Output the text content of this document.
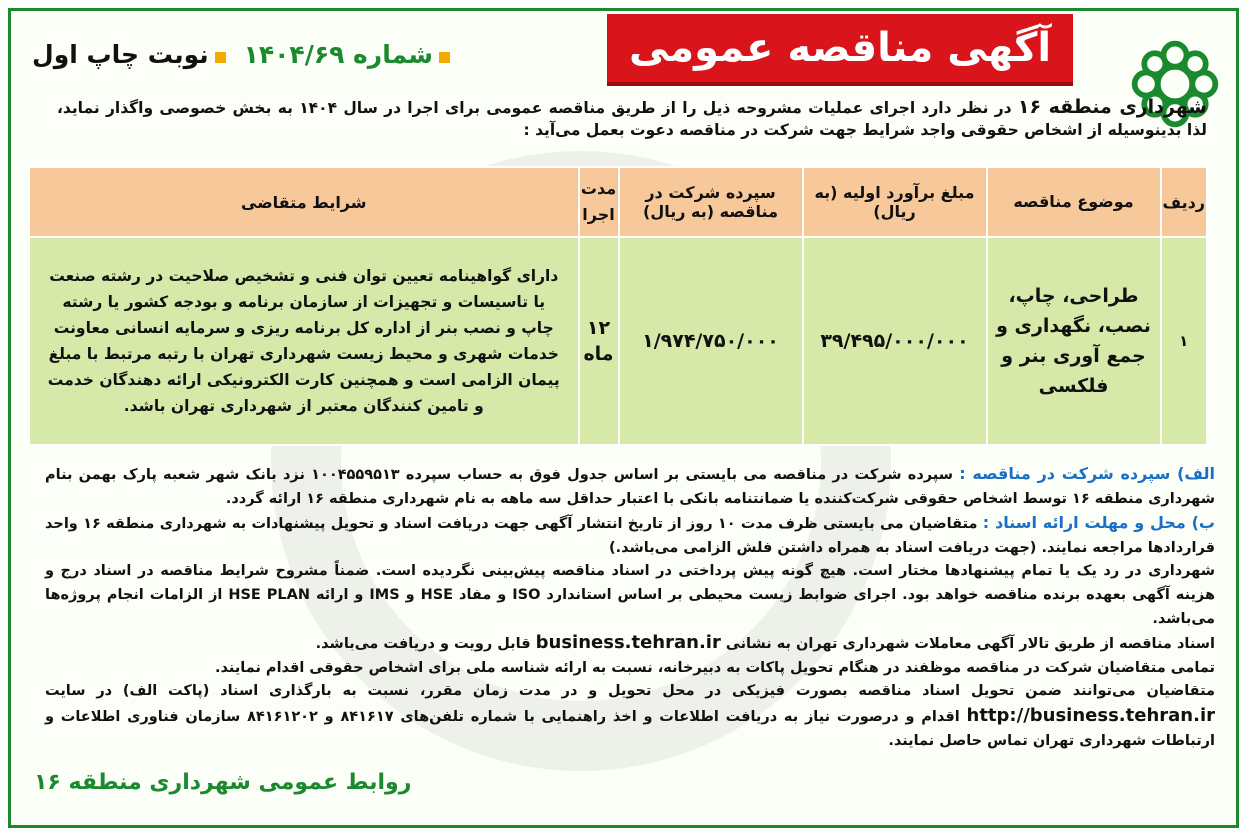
آگهی مناقصه عمومی
شماره ۱۴۰۴/۶۹
نوبت چاپ اول
شهرداری منطقه ۱۶ در نظر دارد اجرای عملیات مشروحه ذیل را از طریق مناقصه عمومی برای اجرا در سال ۱۴۰۴ به بخش خصوصی واگذار نماید، لذا بدینوسیله از اشخاص حقوقی واجد شرایط جهت شرکت در مناقصه دعوت بعمل می‌آید :
ردیف	موضوع مناقصه	مبلغ برآورد اولیه (به ریال)	سپرده شرکت در مناقصه (به ریال)	مدت اجرا	شرایط متقاضی
۱	طراحی، چاپ، نصب، نگهداری و جمع آوری بنر و فلکسی	۳۹/۴۹۵/۰۰۰/۰۰۰	۱/۹۷۴/۷۵۰/۰۰۰	۱۲ ماه	دارای گواهینامه تعیین توان فنی و تشخیص صلاحیت در رشته صنعت یا تاسیسات و تجهیزات از سازمان برنامه و بودجه کشور یا رشته چاپ و نصب بنر از اداره کل برنامه ریزی و سرمایه انسانی معاونت خدمات شهری و محیط زیست شهرداری تهران با رتبه مرتبط با مبلغ پیمان الزامی است و همچنین کارت الکترونیکی ارائه دهندگان خدمت و تامین کنندگان معتبر از شهرداری تهران باشد.

الف) سپرده شرکت در مناقصه : سپرده شرکت در مناقصه می بایستی بر اساس جدول فوق به حساب سپرده ۱۰۰۴۵۵۹۵۱۳ نزد بانک شهر شعبه پارک بهمن بنام شهرداری منطقه ۱۶ توسط اشخاص حقوقی شرکت‌کننده یا ضمانتنامه بانکی با اعتبار حداقل سه ماهه به نام شهرداری منطقه ۱۶ ارائه گردد.

ب) محل و مهلت ارائه اسناد : متقاضیان می بایستی ظرف مدت ۱۰ روز از تاریخ انتشار آگهی جهت دریافت اسناد و تحویل پیشنهادات به شهرداری منطقه ۱۶ واحد قراردادها مراجعه نمایند. (جهت دریافت اسناد به همراه داشتن فلش الزامی می‌باشد.)

شهرداری در رد یک یا تمام پیشنهادها مختار است. هیچ گونه پیش پرداختی در اسناد مناقصه پیش‌بینی نگردیده است. ضمناً مشروح شرایط مناقصه در اسناد درج و هزینه آگهی بعهده برنده مناقصه خواهد بود. اجرای ضوابط زیست محیطی بر اساس استاندارد ISO و مفاد HSE و IMS و ارائه HSE PLAN از الزامات انجام پروژه‌ها می‌باشد.

اسناد مناقصه از طریق تالار آگهی معاملات شهرداری تهران به نشانی business.tehran.ir قابل رویت و دریافت می‌باشد.

تمامی متقاضیان شرکت در مناقصه موظفند در هنگام تحویل پاکات به دبیرخانه، نسبت به ارائه شناسه ملی برای اشخاص حقوقی اقدام نمایند.

متقاضیان می‌توانند ضمن تحویل اسناد مناقصه بصورت فیزیکی در محل تحویل و در مدت زمان مقرر، نسبت به بارگذاری اسناد (پاکت الف) در سایت http://business.tehran.ir اقدام و درصورت نیاز به دریافت اطلاعات و اخذ راهنمایی با شماره تلفن‌های ۸۴۱۶۱۷ و ۸۴۱۶۱۲۰۲ سازمان فناوری اطلاعات و ارتباطات شهرداری تهران تماس حاصل نمایند.

روابط عمومی شهرداری منطقه ۱۶
